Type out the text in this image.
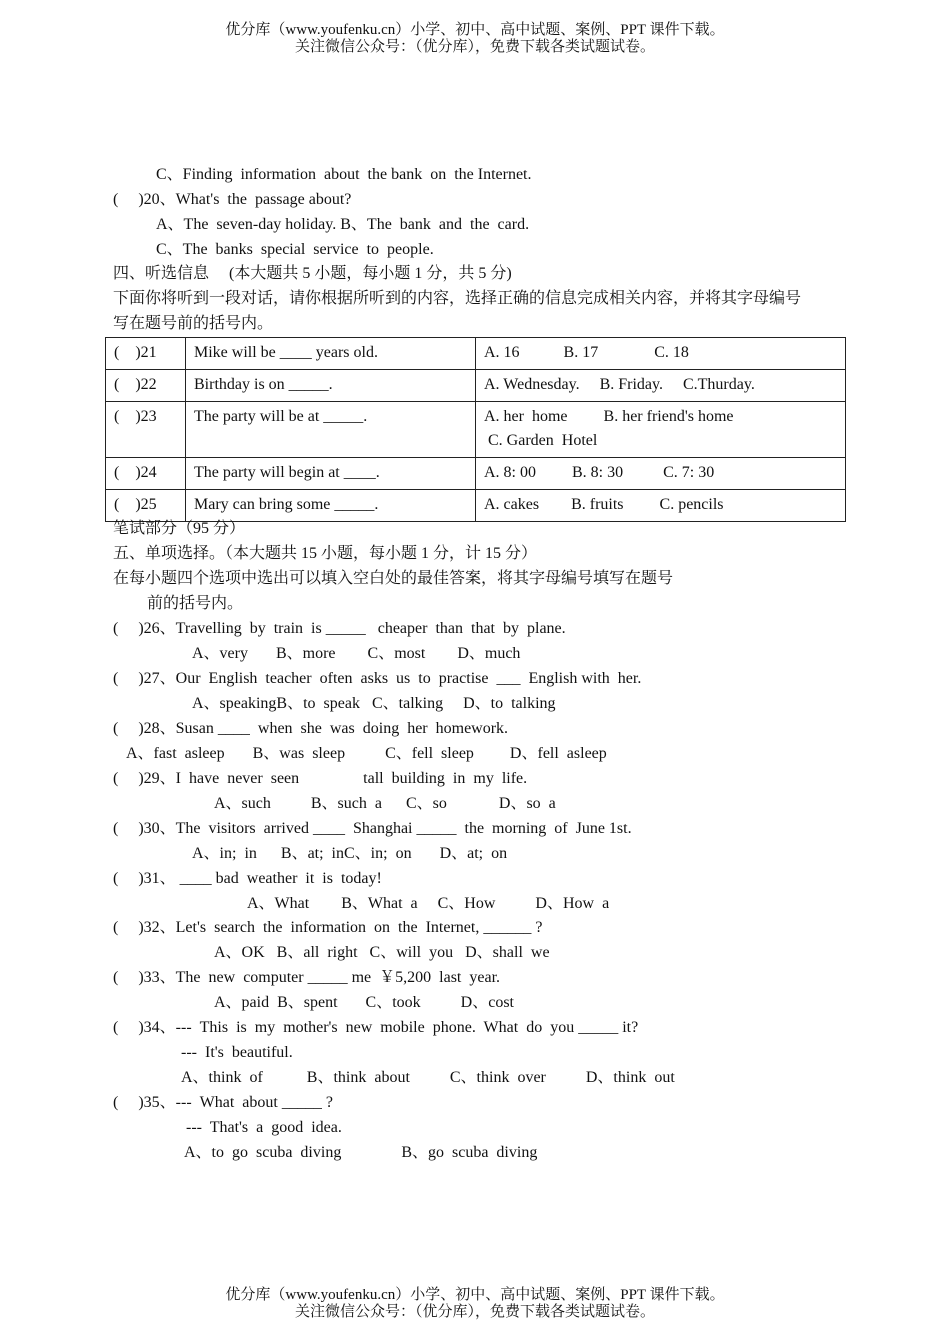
优分库（www.youfenku.cn）小学、初中、高中试题、案例、PPT 课件下载。
关注微信公众号：（优分库），免费下载各类试题试卷。
C、Finding  information  about  the bank  on  the Internet.
(     )20、What's  the  passage about?
A、The  seven-day holiday. B、The  bank  and  the  card.
C、The  banks  special  service  to  people.
四、听选信息     (本大题共 5 小题，每小题 1 分，共 5 分)
下面你将听到一段对话，请你根据所听到的内容，选择正确的信息完成相关内容，并将其字母编号
写在题号前的括号内。
(    )21	Mike will be ____ years old.	A. 16           B. 17              C. 18
(    )22	Birthday is on _____.	A. Wednesday.     B. Friday.     C.Thurday.
(    )23	The party will be at _____.	A. her  home         B. her friend's home
C. Garden  Hotel
(    )24	The party will begin at ____.	A. 8: 00         B. 8: 30          C. 7: 30
(    )25	Mary can bring some _____.	A. cakes        B. fruits         C. pencils
笔试部分（95 分）
五、单项选择。（本大题共 15 小题，每小题 1 分，计 15 分）
在每小题四个选项中选出可以填入空白处的最佳答案，将其字母编号填写在题号
前的括号内。
(     )26、Travelling  by  train  is _____   cheaper  than  that  by  plane.
A、very       B、more        C、most        D、much
(     )27、Our  English  teacher  often  asks  us  to  practise  ___  English with  her.
A、speakingB、to  speak   C、talking     D、to  talking
(     )28、Susan ____  when  she  was  doing  her  homework.
A、fast  asleep       B、was  sleep          C、fell  sleep         D、fell  asleep
(     )29、I  have  never  seen                tall  building  in  my  life.
A、such          B、such  a      C、so             D、so  a
(     )30、The  visitors  arrived ____  Shanghai _____  the  morning  of  June 1st.
A、in;  in      B、at;  inC、in;  on       D、at;  on
(     )31、 ____ bad  weather  it  is  today!
A、What        B、What  a     C、How          D、How  a
(     )32、Let's  search  the  information  on  the  Internet, ______ ?
A、OK   B、all  right   C、will  you   D、shall  we
(     )33、The  new  computer _____ me  ￥5,200  last  year.
A、paid  B、spent       C、took          D、cost
(     )34、---  This  is  my  mother's  new  mobile  phone.  What  do  you _____ it?
---  It's  beautiful.
A、think  of           B、think  about          C、think  over          D、think  out
(     )35、---  What  about _____ ?
---  That's  a  good  idea.
A、to  go  scuba  diving               B、go  scuba  diving
优分库（www.youfenku.cn）小学、初中、高中试题、案例、PPT 课件下载。
关注微信公众号：（优分库），免费下载各类试题试卷。
